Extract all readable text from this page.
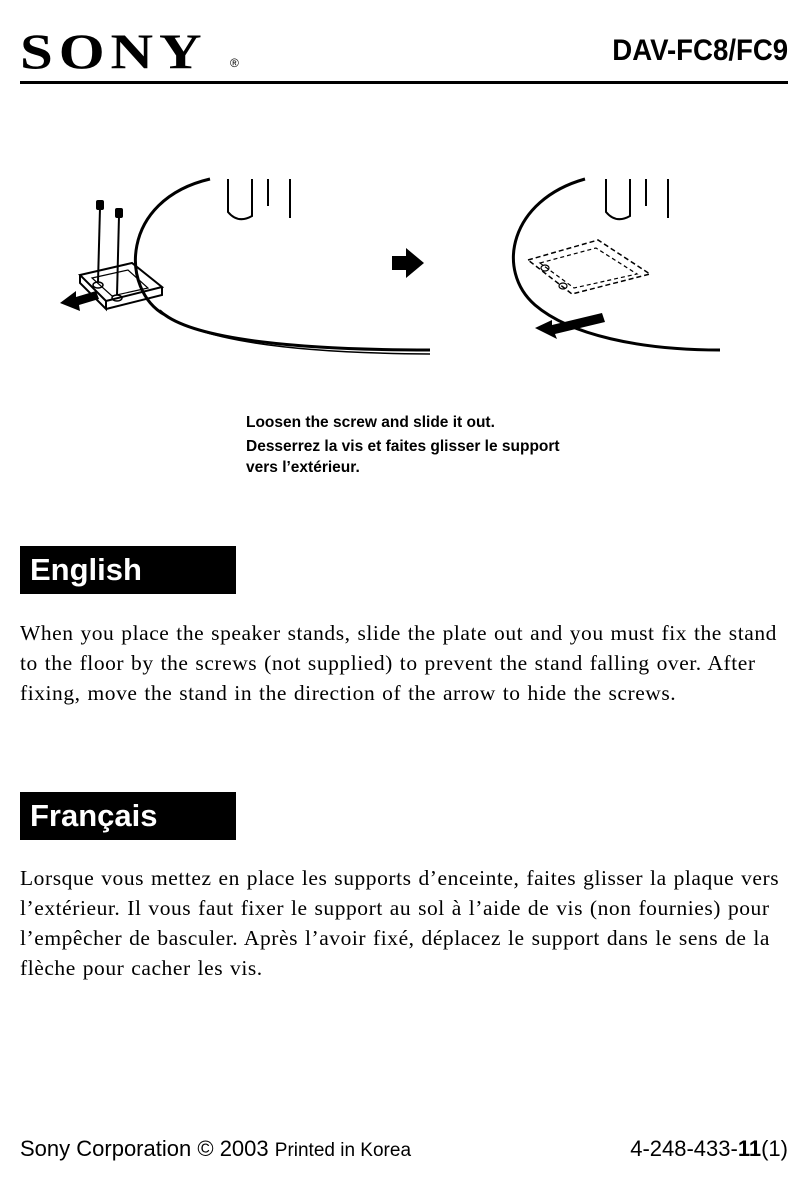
SONY ®	DAV-FC8/FC9

Loosen the screw and slide it out.

Desserrez la vis et faites glisser le support vers l’extérieur.

English

When you place the speaker stands, slide the plate out and you must fix the stand to the floor by the screws (not supplied) to prevent the stand falling over. After fixing, move the stand in the direction of the arrow to hide the screws.

Français

Lorsque vous mettez en place les supports d’enceinte, faites glisser la plaque vers l’extérieur. Il vous faut fixer le support au sol à l’aide de vis (non fournies) pour l’empêcher de basculer. Après l’avoir fixé, déplacez le support dans le sens de la flèche pour cacher les vis.

Sony Corporation © 2003 Printed in Korea	4-248-433-11(1)
